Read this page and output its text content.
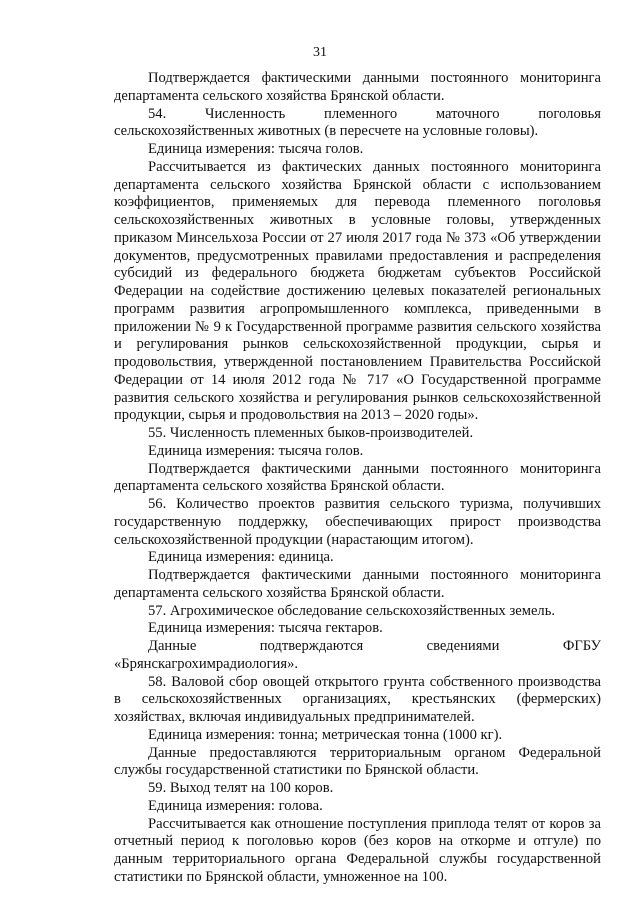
31

Подтверждается фактическими данными постоянного мониторинга департамента сельского хозяйства Брянской области.

54. Численность племенного маточного поголовья сельскохозяйственных животных (в пересчете на условные головы).

Единица измерения: тысяча голов.

Рассчитывается из фактических данных постоянного мониторинга департамента сельского хозяйства Брянской области с использованием коэффициентов, применяемых для перевода племенного поголовья сельскохозяйственных животных в условные головы, утвержденных приказом Минсельхоза России от 27 июля 2017 года № 373 «Об утверждении документов, предусмотренных правилами предоставления и распределения субсидий из федерального бюджета бюджетам субъектов Российской Федерации на содействие достижению целевых показателей региональных программ развития агропромышленного комплекса, приведенными в приложении № 9 к Государственной программе развития сельского хозяйства и регулирования рынков сельскохозяйственной продукции, сырья и продовольствия, утвержденной постановлением Правительства Российской Федерации от 14 июля 2012 года № 717 «О Государственной программе развития сельского хозяйства и регулирования рынков сельскохозяйственной продукции, сырья и продовольствия на 2013 – 2020 годы».

55. Численность племенных быков-производителей.

Единица измерения: тысяча голов.

Подтверждается фактическими данными постоянного мониторинга департамента сельского хозяйства Брянской области.

56. Количество проектов развития сельского туризма, получивших государственную поддержку, обеспечивающих прирост производства сельскохозяйственной продукции (нарастающим итогом).

Единица измерения: единица.

Подтверждается фактическими данными постоянного мониторинга департамента сельского хозяйства Брянской области.

57. Агрохимическое обследование сельскохозяйственных земель.

Единица измерения: тысяча гектаров.

Данные подтверждаются сведениями ФГБУ «Брянскагрохимрадиология».

58. Валовой сбор овощей открытого грунта собственного производства в сельскохозяйственных организациях, крестьянских (фермерских) хозяйствах, включая индивидуальных предпринимателей.

Единица измерения: тонна; метрическая тонна (1000 кг).

Данные предоставляются территориальным органом Федеральной службы государственной статистики по Брянской области.

59. Выход телят на 100 коров.

Единица измерения: голова.

Рассчитывается как отношение поступления приплода телят от коров за отчетный период к поголовью коров (без коров на откорме и отгуле) по данным территориального органа Федеральной службы государственной статистики по Брянской области, умноженное на 100.
